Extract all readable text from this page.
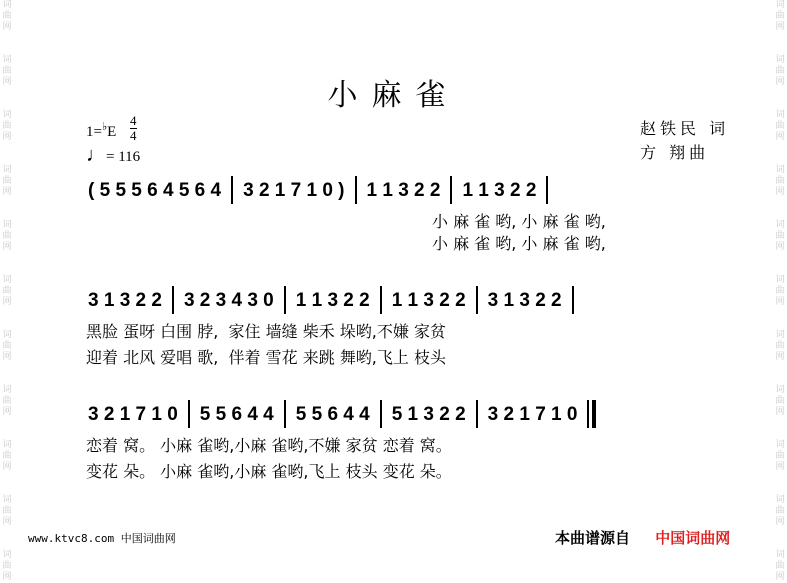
词
曲
网
词
曲
网
词
曲
网
词
曲
网
词
曲
网
词
曲
网
词
曲
网
词
曲
网
词
曲
网
词
曲
网
词
曲
网
词
曲
网
词
曲
网
词
曲
网
词
曲
网
词
曲
网
词
曲
网
词
曲
网
词
曲
网
词
曲
网
词
曲
网
词
曲
网
小麻雀
1=♭E
4
4
♩= 116
赵铁民 词
方 翔曲
( 5 5 5 6 4 5 6 4 3 2 1 7 1 0 ) 1 1 3 2 2 1 1 3 2 2
小 麻 雀 哟, 小 麻 雀 哟,
小 麻 雀 哟, 小 麻 雀 哟,
3 1 3 2 2 3 2 3 4 3 0 1 1 3 2 2 1 1 3 2 2 3 1 3 2 2
黑脸 蛋呀 白围 脖,  家住 墙缝 柴禾 垛哟,不嫌 家贫
迎着 北风 爱唱 歌,  伴着 雪花 来跳 舞哟,飞上 枝头
3 2 1 7 1 0 5 5 6 4 4 5 5 6 4 4 5 1 3 2 2 3 2 1 7 1 0
恋着 窝。 小麻 雀哟,小麻 雀哟,不嫌 家贫 恋着 窝。
变花 朵。 小麻 雀哟,小麻 雀哟,飞上 枝头 变花 朵。
www.ktvc8.com 中国词曲网	本曲谱源自 中国词曲网
